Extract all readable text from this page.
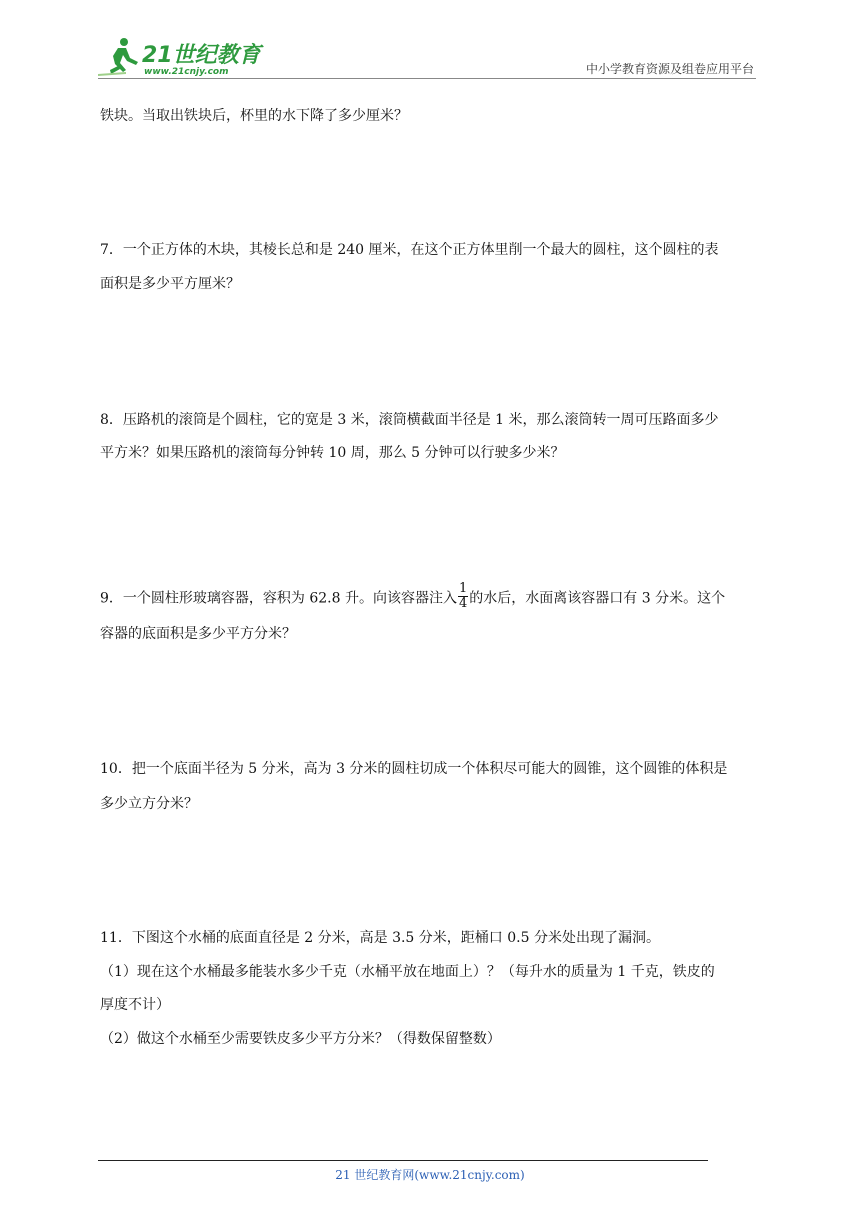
21世纪教育
www.21cnjy.com	中小学教育资源及组卷应用平台
铁块。当取出铁块后，杯里的水下降了多少厘米？
7．一个正方体的木块，其棱长总和是 240 厘米，在这个正方体里削一个最大的圆柱，这个圆柱的表
面积是多少平方厘米？
8．压路机的滚筒是个圆柱，它的宽是 3 米，滚筒横截面半径是 1 米，那么滚筒转一周可压路面多少
平方米？如果压路机的滚筒每分钟转 10 周，那么 5 分钟可以行驶多少米？
9．一个圆柱形玻璃容器，容积为 62.8 升。向该容器注入 $\frac{1}{4}$ 的水后，水面离该容器口有 3 分米。这个
容器的底面积是多少平方分米？
10．把一个底面半径为 5 分米，高为 3 分米的圆柱切成一个体积尽可能大的圆锥，这个圆锥的体积是
多少立方分米？
11．下图这个水桶的底面直径是 2 分米，高是 3.5 分米，距桶口 0.5 分米处出现了漏洞。
（1）现在这个水桶最多能装水多少千克（水桶平放在地面上）？（每升水的质量为 1 千克，铁皮的
厚度不计）
（2）做这个水桶至少需要铁皮多少平方分米？（得数保留整数）
21 世纪教育网(www.21cnjy.com)
